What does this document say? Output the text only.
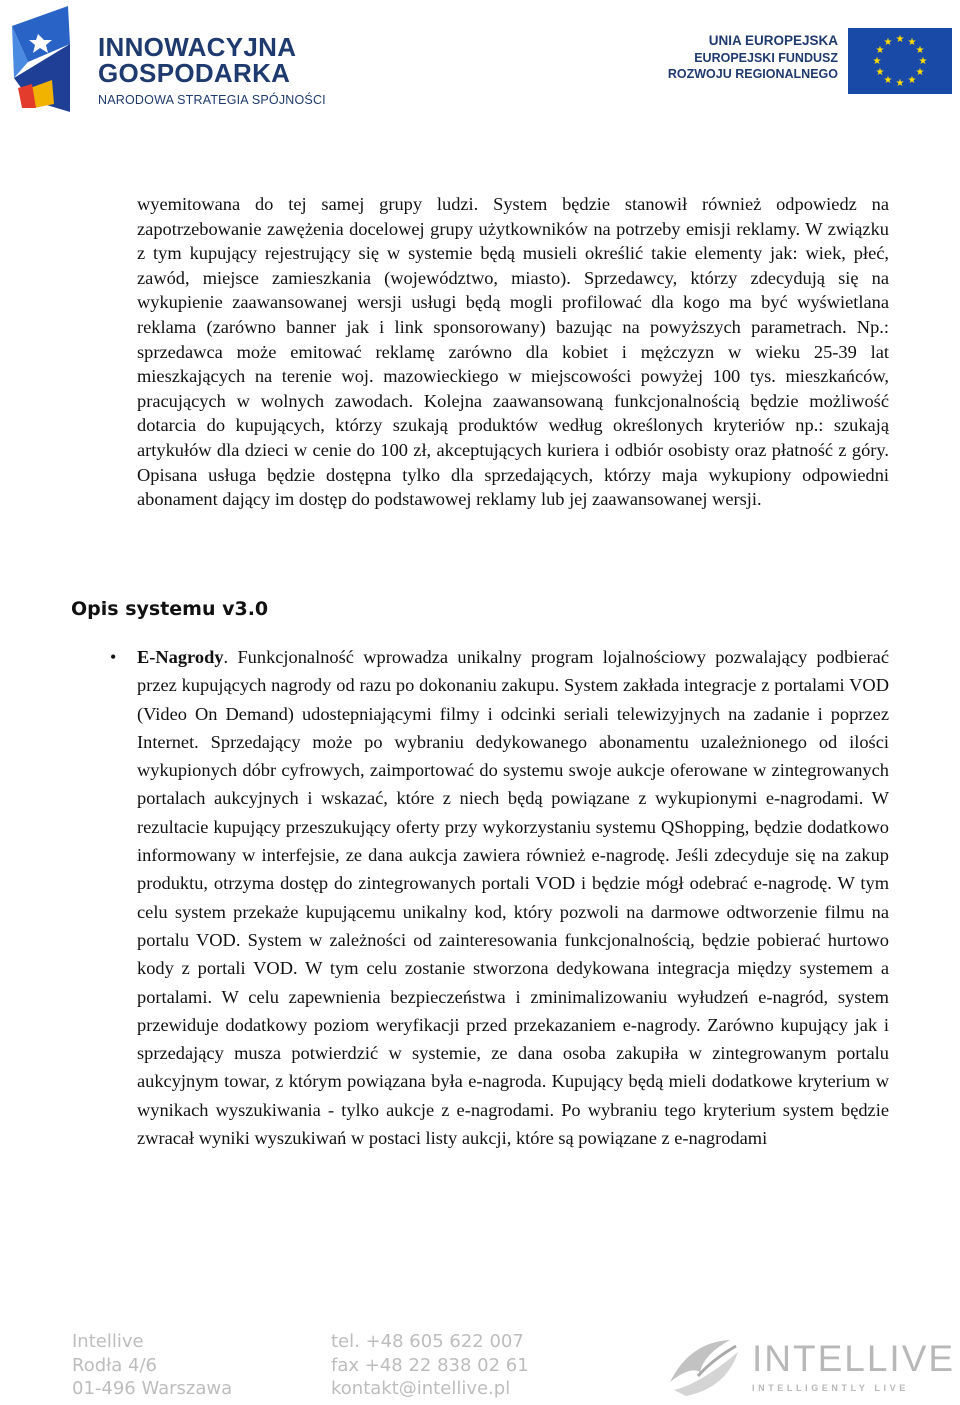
INNOWACYJNA
GOSPODARKA
NARODOWA STRATEGIA SPÓJNOŚCI
UNIA EUROPEJSKA
EUROPEJSKI FUNDUSZ
ROZWOJU REGIONALNEGO
★ ★
★
★
★
★
★
★
★
★
★
★

wyemitowana do tej samej grupy ludzi. System będzie stanowił również odpowiedz na zapotrzebowanie zawężenia docelowej grupy użytkowników na potrzeby emisji reklamy. W związku z tym kupujący rejestrujący się w systemie będą musieli określić takie elementy jak: wiek, płeć, zawód, miejsce zamieszkania (województwo, miasto). Sprzedawcy, którzy zdecydują się na wykupienie zaawansowanej wersji usługi będą mogli profilować dla kogo ma być wyświetlana reklama (zarówno banner jak i link sponsorowany) bazując na powyższych parametrach. Np.: sprzedawca może emitować reklamę zarówno dla kobiet i mężczyzn w wieku 25-39 lat mieszkających na terenie woj. mazowieckiego w miejscowości powyżej 100 tys. mieszkańców, pracujących w wolnych zawodach. Kolejna zaawansowaną funkcjonalnością będzie możliwość dotarcia do kupujących, którzy szukają produktów według określonych kryteriów np.: szukają artykułów dla dzieci w cenie do 100 zł, akceptujących kuriera i odbiór osobisty oraz płatność z góry. Opisana usługa będzie dostępna tylko dla sprzedających, którzy maja wykupiony odpowiedni abonament dający im dostęp do podstawowej reklamy lub jej zaawansowanej wersji.

Opis systemu v3.0
• E-Nagrody. Funkcjonalność wprowadza unikalny program lojalnościowy pozwalający podbierać przez kupujących nagrody od razu po dokonaniu zakupu. System zakłada integracje z portalami VOD (Video On Demand) udostepniającymi filmy i odcinki seriali telewizyjnych na zadanie i poprzez Internet. Sprzedający może po wybraniu dedykowanego abonamentu uzależnionego od ilości wykupionych dóbr cyfrowych, zaimportować do systemu swoje aukcje oferowane w zintegrowanych portalach aukcyjnych i wskazać, które z niech będą powiązane z wykupionymi e-nagrodami. W rezultacie kupujący przeszukujący oferty przy wykorzystaniu systemu QShopping, będzie dodatkowo informowany w interfejsie, ze dana aukcja zawiera również e-nagrodę. Jeśli zdecyduje się na zakup produktu, otrzyma dostęp do zintegrowanych portali VOD i będzie mógł odebrać e-nagrodę. W tym celu system przekaże kupującemu unikalny kod, który pozwoli na darmowe odtworzenie filmu na portalu VOD. System w zależności od zainteresowania funkcjonalnością, będzie pobierać hurtowo kody z portali VOD. W tym celu zostanie stworzona dedykowana integracja między systemem a portalami. W celu zapewnienia bezpieczeństwa i zminimalizowaniu wyłudzeń e-nagród, system przewiduje dodatkowy poziom weryfikacji przed przekazaniem e-nagrody. Zarówno kupujący jak i sprzedający musza potwierdzić w systemie, ze dana osoba zakupiła w zintegrowanym portalu aukcyjnym towar, z którym powiązana była e-nagroda. Kupujący będą mieli dodatkowe kryterium w wynikach wyszukiwania - tylko aukcje z e-nagrodami. Po wybraniu tego kryterium system będzie zwracał wyniki wyszukiwań w postaci listy aukcji, które są powiązane z e-nagrodami

Intellive
Rodła 4/6
01-496 Warszawa
tel. +48 605 622 007
fax +48 22 838 02 61
kontakt@intellive.pl
INTELLIVE
INTELLIGENTLY LIVE
